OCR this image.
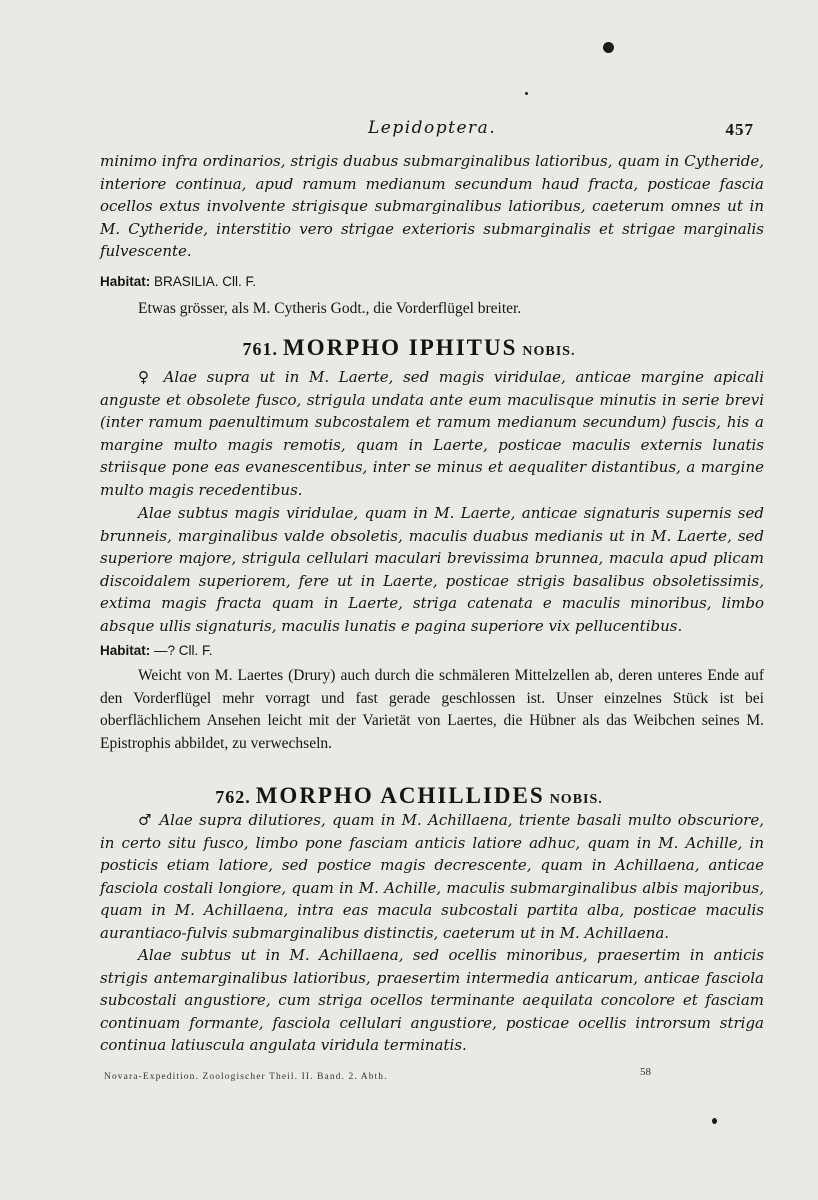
Lepidoptera.	457
minimo infra ordinarios, strigis duabus submarginalibus latioribus, quam in Cytheride, interiore continua, apud ramum medianum secundum haud fracta, posticae fascia ocellos extus involvente strigisque submarginalibus latioribus, caeterum omnes ut in M. Cytheride, interstitio vero strigae exterioris submarginalis et strigae marginalis fulvescente.
Habitat: BRASILIA. Cll. F.
Etwas grösser, als M. Cytheris Godt., die Vorderflügel breiter.
761. MORPHO IPHITUS NOBIS.
♀ Alae supra ut in M. Laerte, sed magis viridulae, anticae margine apicali anguste et obsolete fusco, strigula undata ante eum maculisque minutis in serie brevi (inter ramum paenultimum subcostalem et ramum medianum secundum) fuscis, his a margine multo magis remotis, quam in Laerte, posticae maculis externis lunatis striisque pone eas evanescentibus, inter se minus et aequaliter distantibus, a margine multo magis recedentibus.
Alae subtus magis viridulae, quam in M. Laerte, anticae signaturis supernis sed brunneis, marginalibus valde obsoletis, maculis duabus medianis ut in M. Laerte, sed superiore majore, strigula cellulari maculari brevissima brunnea, macula apud plicam discoidalem superiorem, fere ut in Laerte, posticae strigis basalibus obsoletissimis, extima magis fracta quam in Laerte, striga catenata e maculis minoribus, limbo absque ullis signaturis, maculis lunatis e pagina superiore vix pellucentibus.
Habitat: —? Cll. F.
Weicht von M. Laertes (Drury) auch durch die schmäleren Mittelzellen ab, deren unteres Ende auf den Vorderflügel mehr vorragt und fast gerade geschlossen ist. Unser einzelnes Stück ist bei oberflächlichem Ansehen leicht mit der Varietät von Laertes, die Hübner als das Weibchen seines M. Epistrophis abbildet, zu verwechseln.
762. MORPHO ACHILLIDES NOBIS.
♂ Alae supra dilutiores, quam in M. Achillaena, triente basali multo obscuriore, in certo situ fusco, limbo pone fasciam anticis latiore adhuc, quam in M. Achille, in posticis etiam latiore, sed postice magis decrescente, quam in Achillaena, anticae fasciola costali longiore, quam in M. Achille, maculis submarginalibus albis majoribus, quam in M. Achillaena, intra eas macula subcostali partita alba, posticae maculis aurantiaco-fulvis submarginalibus distinctis, caeterum ut in M. Achillaena.
Alae subtus ut in M. Achillaena, sed ocellis minoribus, praesertim in anticis strigis antemarginalibus latioribus, praesertim intermedia anticarum, anticae fasciola subcostali angustiore, cum striga ocellos terminante aequilata concolore et fasciam continuam formante, fasciola cellulari angustiore, posticae ocellis introrsum striga continua latiuscula angulata viridula terminatis.
Novara-Expedition. Zoologischer Theil. II. Band. 2. Abth.	58
